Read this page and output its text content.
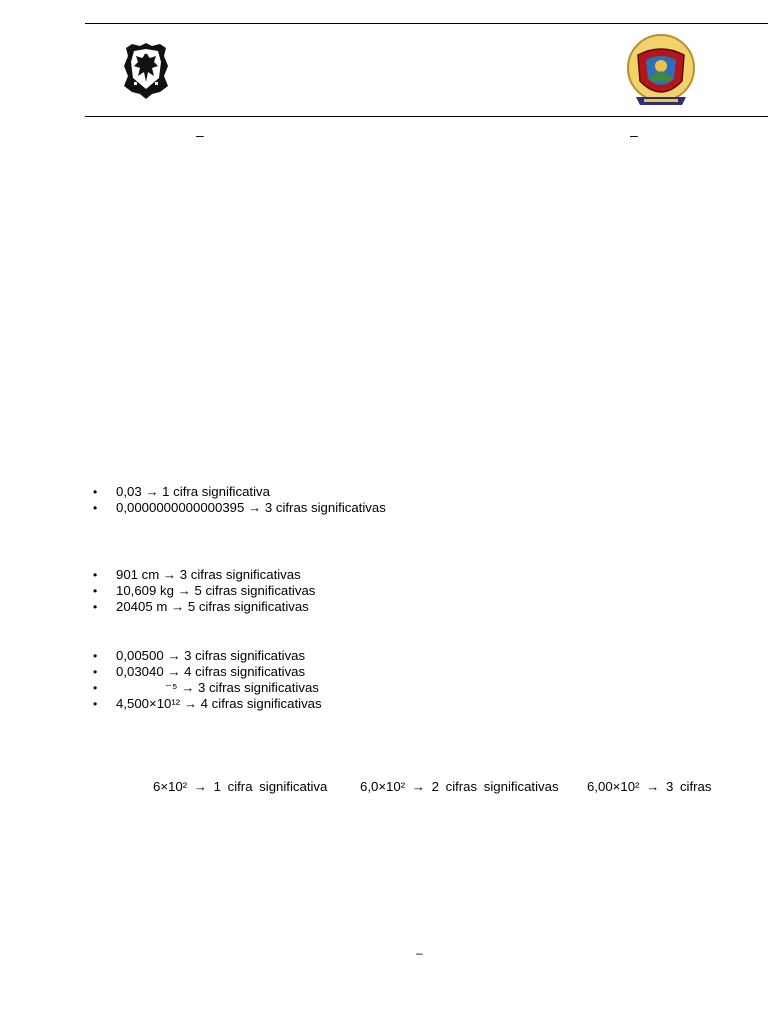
–	–
• 0,03 → 1 cifra significativa
• 0,0000000000000395 → 3 cifras significativas
• 901 cm → 3 cifras significativas
• 10,609 kg → 5 cifras significativas
• 20405 m → 5 cifras significativas
• 0,00500 → 3 cifras significativas
• 0,03040 → 4 cifras significativas
• ⁻⁵ → 3 cifras significativas
• 4,500×10¹² → 4 cifras significativas
6×10² → 1 cifra significativa 6,0×10² → 2 cifras significativas 6,00×10² → 3 cifras
–
